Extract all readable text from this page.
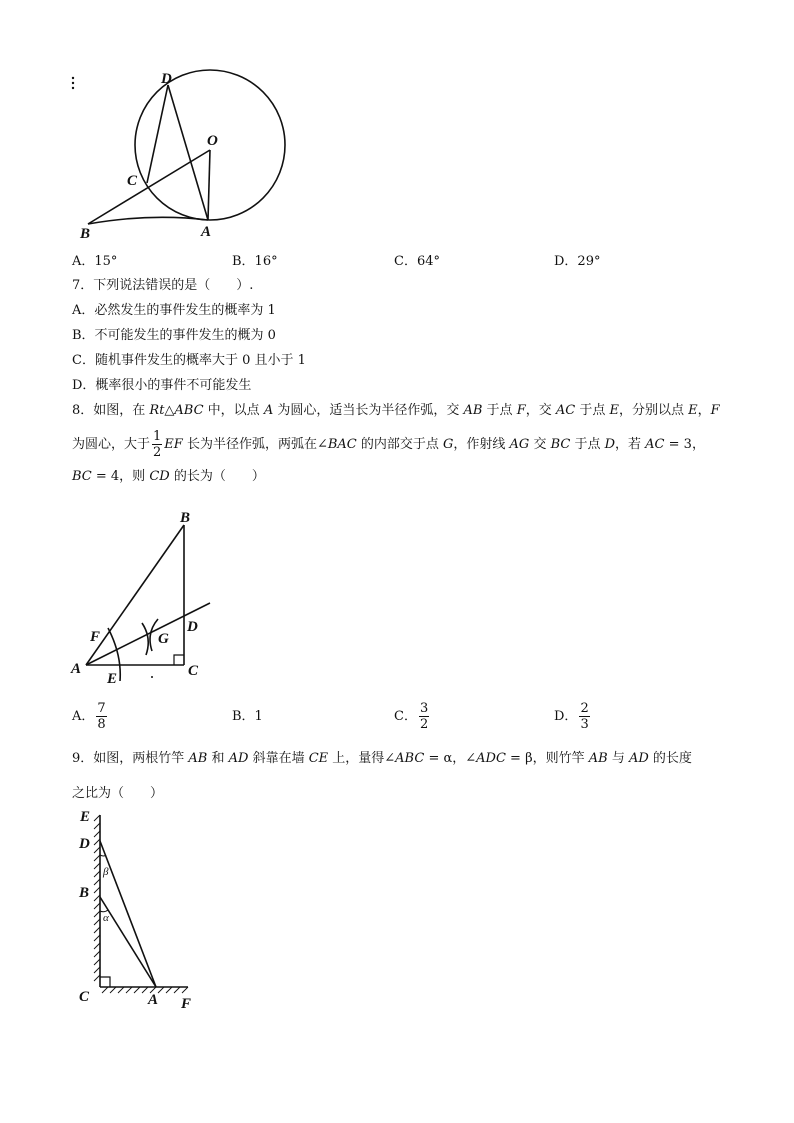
D
O
C
B	A
A．15°	B．16°	C．64°	D．29°
7．下列说法错误的是（　　）.
A．必然发生的事件发生的概率为 1
B．不可能发生的事件发生的概为 0
C．随机事件发生的概率大于 0 且小于 1
D．概率很小的事件不可能发生
8．如图，在 Rt△ABC 中，以点 A 为圆心，适当长为半径作弧，交 AB 于点 F，交 AC 于点 E，分别以点 E，F
为圆心，大于 $\frac{1}{2}$ EF 长为半径作弧，两弧在∠BAC 的内部交于点 G，作射线 AG 交 BC 于点 D，若 AC = 3，
BC = 4，则 CD 的长为（　　）
B
F	G
D
A
E	C
A． $\frac{7}{8}$	B．1	C． $\frac{3}{2}$	D． $\frac{2}{3}$
9．如图，两根竹竿 AB 和 AD 斜靠在墙 CE 上，量得∠ABC = α，∠ADC = β，则竹竿 AB 与 AD 的长度
之比为（　　）
E
D
B
C	A F
β
α
